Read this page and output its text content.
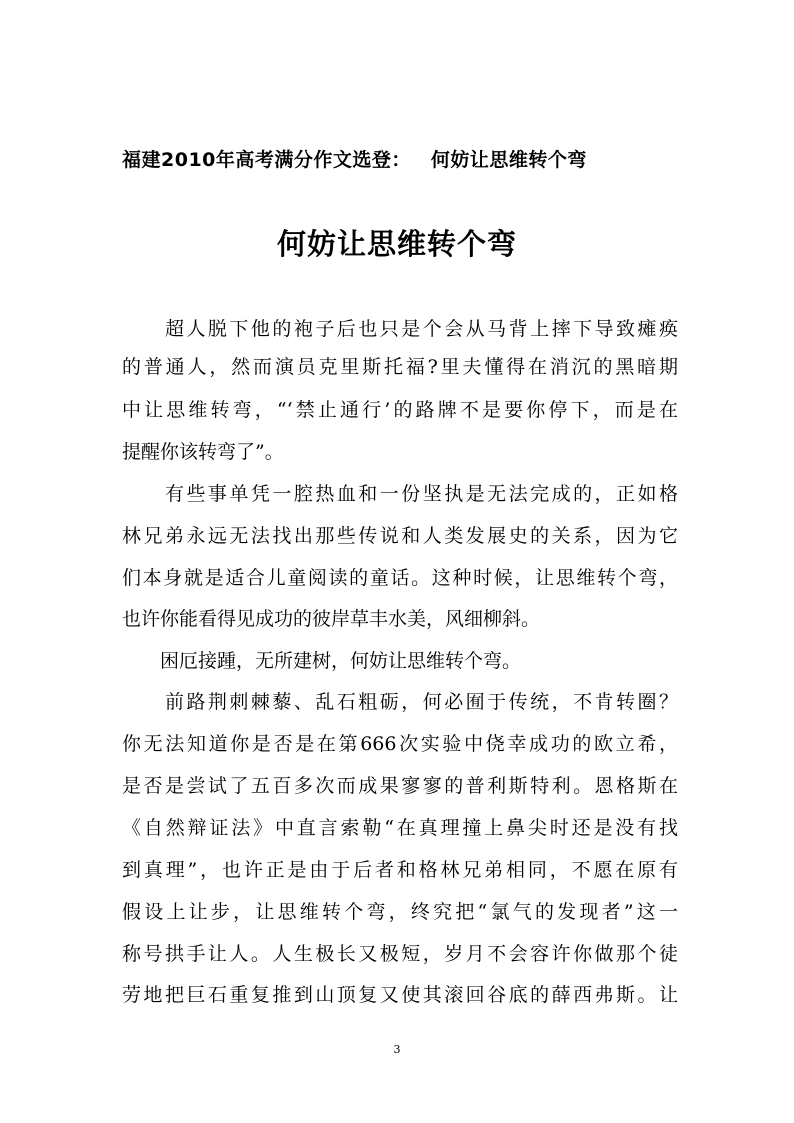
福建2010年高考满分作文选登： 何妨让思维转个弯
何妨让思维转个弯
　　超人脱下他的袍子后也只是个会从马背上摔下导致瘫痪
的普通人，然而演员克里斯托福?里夫懂得在消沉的黑暗期
中让思维转弯，“‘禁止通行’的路牌不是要你停下，而是在
提醒你该转弯了”。
　　有些事单凭一腔热血和一份坚执是无法完成的，正如格
林兄弟永远无法找出那些传说和人类发展史的关系，因为它
们本身就是适合儿童阅读的童话。这种时候，让思维转个弯，
也许你能看得见成功的彼岸草丰水美，风细柳斜。
　　困厄接踵，无所建树，何妨让思维转个弯。
　　前路荆刺棘藜、乱石粗砺，何必囿于传统，不肯转圈？
你无法知道你是否是在第666次实验中侥幸成功的欧立希，
是否是尝试了五百多次而成果寥寥的普利斯特利。恩格斯在
《自然辩证法》中直言索勒“在真理撞上鼻尖时还是没有找
到真理”，也许正是由于后者和格林兄弟相同，不愿在原有
假设上让步，让思维转个弯，终究把“氯气的发现者”这一
称号拱手让人。人生极长又极短，岁月不会容许你做那个徒
劳地把巨石重复推到山顶复又使其滚回谷底的薛西弗斯。让
3
